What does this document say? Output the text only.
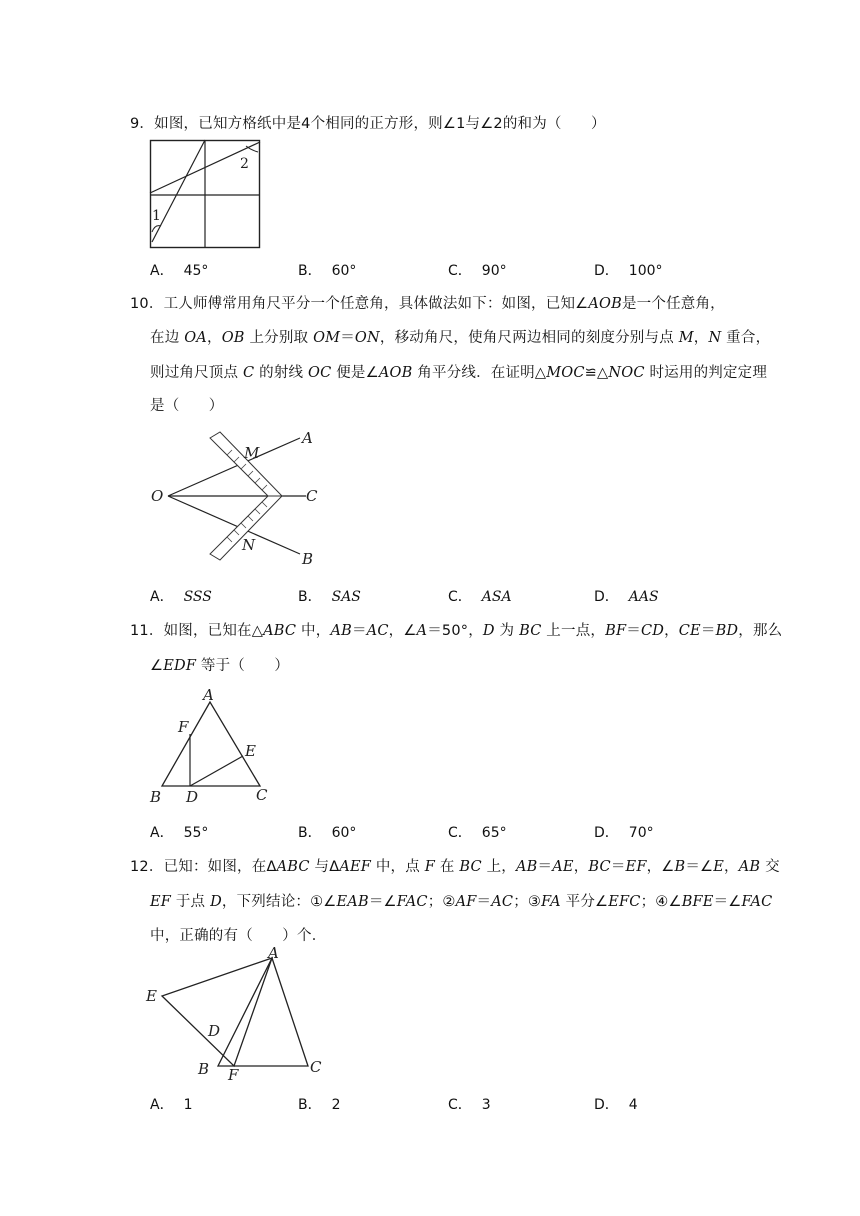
9．如图，已知方格纸中是4个相同的正方形，则∠1与∠2的和为（　　）
1
2
A． 45°	B． 60°	C． 90°	D． 100°
10．工人师傅常用角尺平分一个任意角，具体做法如下：如图，已知∠AOB是一个任意角，
在边 OA，OB 上分别取 OM＝ON，移动角尺，使角尺两边相同的刻度分别与点 M，N 重合，
则过角尺顶点 C 的射线 OC 便是∠AOB 角平分线．在证明△MOC≌△NOC 时运用的判定定理
是（　　）
O
A
M
C
N
B
A． SSS	B． SAS	C． ASA	D． AAS
11．如图，已知在△ABC 中，AB＝AC，∠A＝50°，D 为 BC 上一点，BF＝CD，CE＝BD，那么
∠EDF 等于（　　）
A
F
E
B D	C
A． 55°	B． 60°	C． 65°	D． 70°
12．已知：如图，在ΔABC 与ΔAEF 中，点 F 在 BC 上，AB＝AE，BC＝EF，∠B＝∠E，AB 交
EF 于点 D，下列结论：①∠EAB＝∠FAC；②AF＝AC；③FA 平分∠EFC；④∠BFE＝∠FAC
中，正确的有（　　）个．
A
E
D
B F	C
A． 1	B． 2	C． 3	D． 4
